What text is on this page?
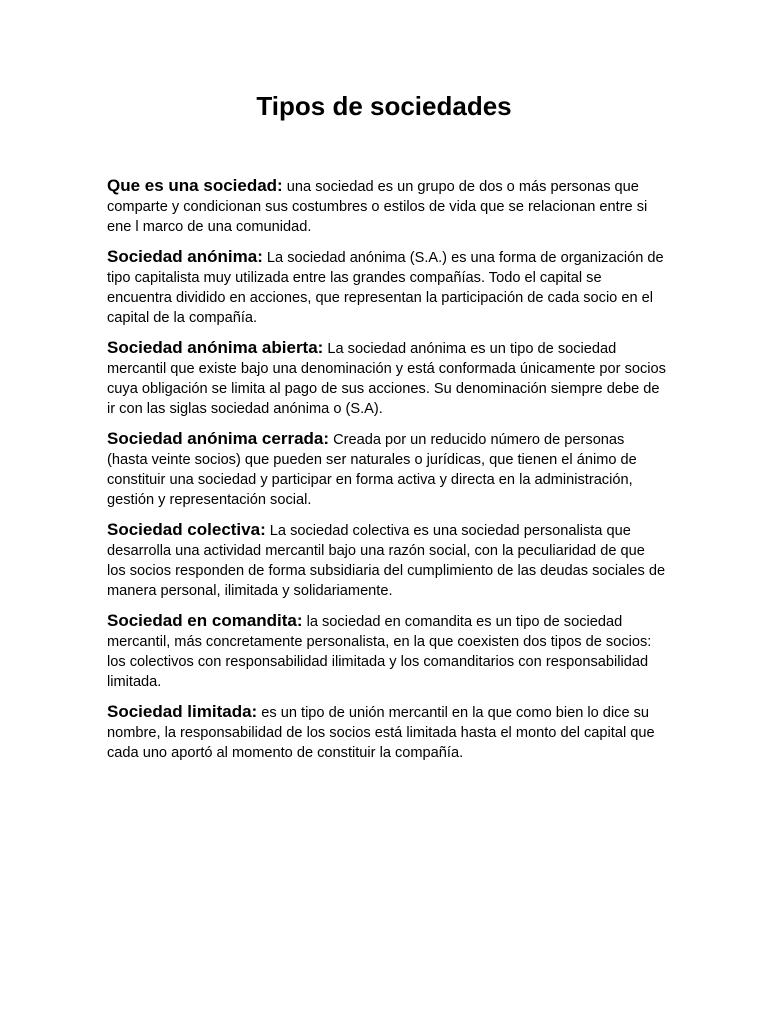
Tipos de sociedades

Que es una sociedad: una sociedad es un grupo de dos o más personas que comparte y condicionan sus costumbres o estilos de vida que se relacionan entre si ene l marco de una comunidad.

Sociedad anónima: La sociedad anónima (S.A.) es una forma de organización de tipo capitalista muy utilizada entre las grandes compañías. Todo el capital se encuentra dividido en acciones, que representan la participación de cada socio en el capital de la compañía.

Sociedad anónima abierta: La sociedad anónima es un tipo de sociedad mercantil que existe bajo una denominación y está conformada únicamente por socios cuya obligación se limita al pago de sus acciones. Su denominación siempre debe de ir con las siglas sociedad anónima o (S.A).

Sociedad anónima cerrada: Creada por un reducido número de personas (hasta veinte socios) que pueden ser naturales o jurídicas, que tienen el ánimo de constituir una sociedad y participar en forma activa y directa en la administración, gestión y representación social.

Sociedad colectiva: La sociedad colectiva es una sociedad personalista que desarrolla una actividad mercantil bajo una razón social, con la peculiaridad de que los socios responden de forma subsidiaria del cumplimiento de las deudas sociales de manera personal, ilimitada y solidariamente.

Sociedad en comandita: la sociedad en comandita es un tipo de sociedad mercantil, más concretamente personalista, en la que coexisten dos tipos de socios: los colectivos con responsabilidad ilimitada y los comanditarios con responsabilidad limitada.

Sociedad limitada: es un tipo de unión mercantil en la que como bien lo dice su nombre, la responsabilidad de los socios está limitada hasta el monto del capital que cada uno aportó al momento de constituir la compañía.
